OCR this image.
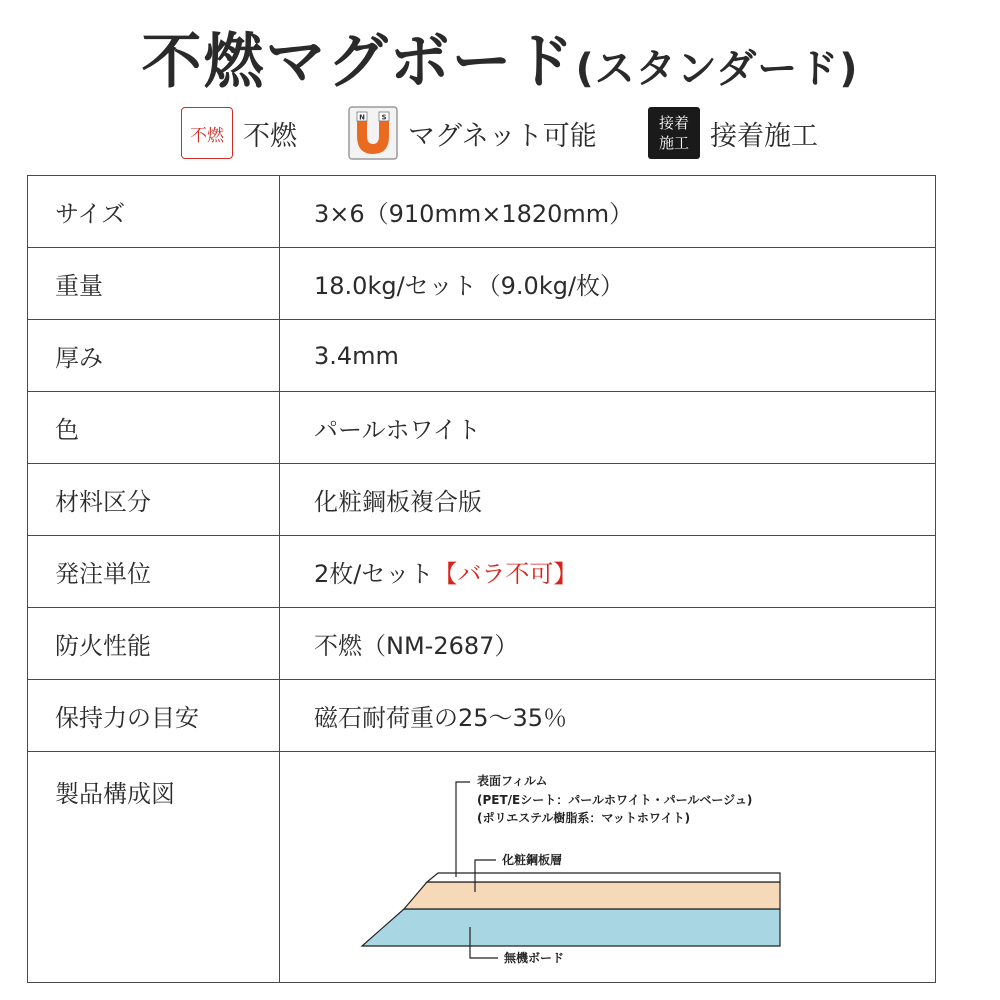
不燃マグボード(スタンダード)
不燃 不燃
N S
マグネット可能	接着
施工 接着施工
サイズ	3×6（910mm×1820mm）
重量	18.0kg/セット（9.0kg/枚）
厚み	3.4mm
色	パールホワイト
材料区分	化粧鋼板複合版
発注単位	2枚/セット【バラ不可】
防火性能	不燃（NM-2687）
保持力の目安	磁石耐荷重の25〜35％
製品構成図	表面フィルム
(PET/Eシート：パールホワイト・パールベージュ)
(ポリエステル樹脂系：マットホワイト)
化粧鋼板層
無機ボード
